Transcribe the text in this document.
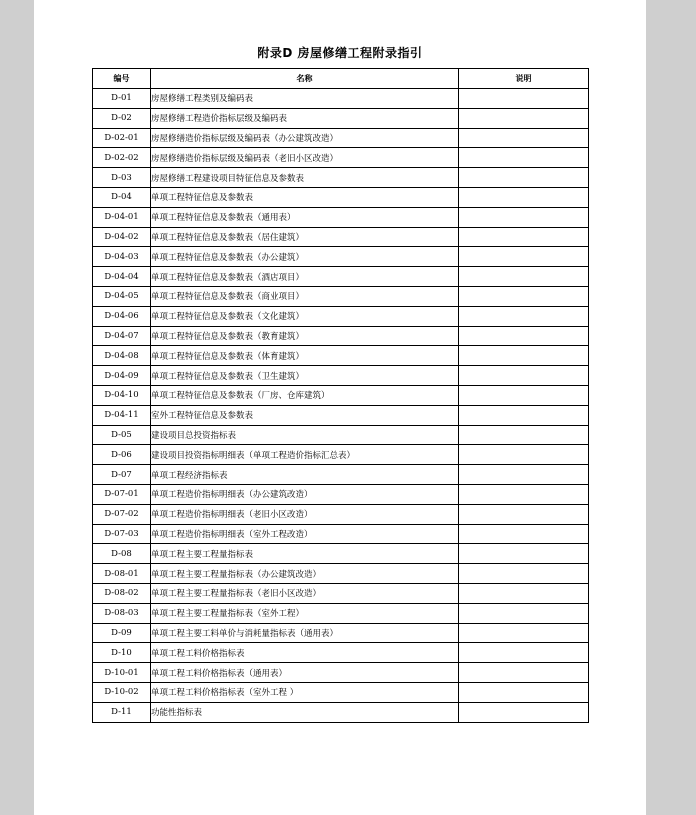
附录D 房屋修缮工程附录指引
编号	名称	说明
D-01	房屋修缮工程类别及编码表	
D-02	房屋修缮工程造价指标层级及编码表	
D-02-01	房屋修缮造价指标层级及编码表（办公建筑改造）	
D-02-02	房屋修缮造价指标层级及编码表（老旧小区改造）	
D-03	房屋修缮工程建设项目特征信息及参数表	
D-04	单项工程特征信息及参数表	
D-04-01	单项工程特征信息及参数表（通用表）	
D-04-02	单项工程特征信息及参数表（居住建筑）	
D-04-03	单项工程特征信息及参数表（办公建筑）	
D-04-04	单项工程特征信息及参数表（酒店项目）	
D-04-05	单项工程特征信息及参数表（商业项目）	
D-04-06	单项工程特征信息及参数表（文化建筑）	
D-04-07	单项工程特征信息及参数表（教育建筑）	
D-04-08	单项工程特征信息及参数表（体育建筑）	
D-04-09	单项工程特征信息及参数表（卫生建筑）	
D-04-10	单项工程特征信息及参数表（厂房、仓库建筑）	
D-04-11	室外工程特征信息及参数表	
D-05	建设项目总投资指标表	
D-06	建设项目投资指标明细表（单项工程造价指标汇总表）	
D-07	单项工程经济指标表	
D-07-01	单项工程造价指标明细表（办公建筑改造）	
D-07-02	单项工程造价指标明细表（老旧小区改造）	
D-07-03	单项工程造价指标明细表（室外工程改造）	
D-08	单项工程主要工程量指标表	
D-08-01	单项工程主要工程量指标表（办公建筑改造）	
D-08-02	单项工程主要工程量指标表（老旧小区改造）	
D-08-03	单项工程主要工程量指标表（室外工程）	
D-09	单项工程主要工料单价与消耗量指标表（通用表）	
D-10	单项工程工料价格指标表	
D-10-01	单项工程工料价格指标表（通用表）	
D-10-02	单项工程工料价格指标表（室外工程 ）	
D-11	功能性指标表	
